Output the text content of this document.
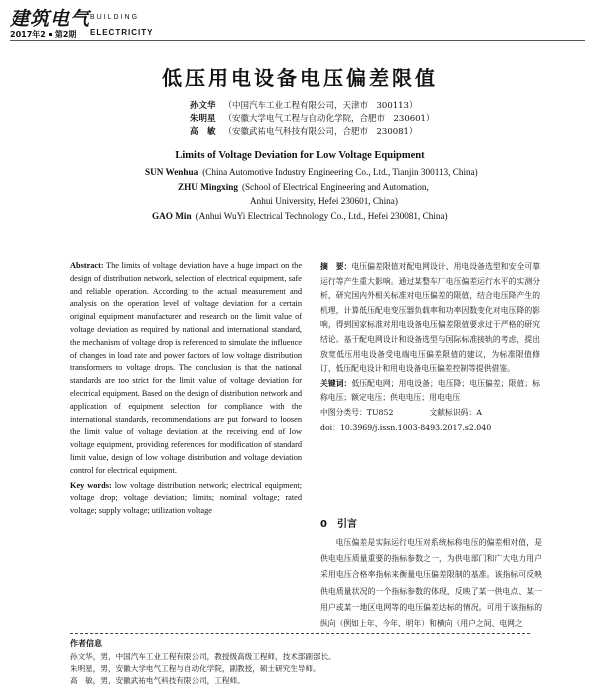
建筑电气 BUILDING
ELECTRICITY
2017年2 第2期
低压用电设备电压偏差限值
孙文华 （中国汽车工业工程有限公司，天津市　300113）
朱明星 （安徽大学电气工程与自动化学院，合肥市　230601）
高　敏 （安徽武祐电气科技有限公司，合肥市　230081）
Limits of Voltage Deviation for Low Voltage Equipment
SUN Wenhua (China Automotive Industry Engineering Co., Ltd., Tianjin 300113, China)
ZHU Mingxing (School of Electrical Engineering and Automation,
Anhui University, Hefei 230601, China)
GAO Min (Anhui WuYi Electrical Technology Co., Ltd., Hefei 230081, China)
Abstract: The limits of voltage deviation have a huge impact on the design of distribution network, selection of electrical equipment, safe and reliable operation. According to the actual measurement and analysis on the operation level of voltage deviation for a certain original equipment manufacturer and research on the limit value of voltage deviation as required by national and international standard, the mechanism of voltage drop is referenced to simulate the influence of changes in load rate and power factors of low voltage distribution transformers to voltage drops. The conclusion is that the national standards are too strict for the limit value of voltage deviation for electrical equipment. Based on the design of distribution network and application of equipment selection for compliance with the international standards, recommendations are put forward to loosen the limit value of voltage deviation at the receiving end of low voltage equipment, providing references for modification of standard limit value, design of low voltage distribution and voltage deviation control for electrical equipment.
Key words: low voltage distribution network; electrical equipment; voltage drop; voltage deviation; limits; nominal voltage; rated voltage; supply voltage; utilization voltage
摘　要：电压偏差限值对配电网设计、用电设备选型和安全可靠运行等产生重大影响。通过某整车厂电压偏差运行水平的实测分析，研究国内外相关标准对电压偏差的限值，结合电压降产生的机理，计算低压配电变压器负载率和功率因数变化对电压降的影响，得到国家标准对用电设备电压偏差限值要求过于严格的研究结论。基于配电网设计和设备选型与国际标准接轨的考虑，提出放宽低压用电设备受电端电压偏差限值的建议，为标准限值修订、低压配电设计和用电设备电压偏差控制等提供借鉴。
关键词：低压配电网；用电设备；电压降；电压偏差；限值；标称电压；额定电压；供电电压；用电电压
中图分类号：TU852	文献标识码：A
doi：10.3969/j.issn.1003-8493.2017.s2.040
0　引言
电压偏差是实际运行电压对系统标称电压的偏差相对值，是供电电压质量重要的指标参数之一，为供电部门和广大电力用户采用电压合格率指标来衡量电压偏差限制的基准。该指标可反映供电质量状况的一个指标参数的体现，反映了某一供电点、某一用户或某一地区电网等的电压偏差达标的情况。可用于该指标的纵向（例如上年、今年、明年）和横向（用户之间、电网之
作者信息
孙文华，男，中国汽车工业工程有限公司，教授级高级工程师，技术部副部长。
朱明星，男，安徽大学电气工程与自动化学院，副教授，硕士研究生导师。
高　敏，男，安徽武祐电气科技有限公司，工程师。
